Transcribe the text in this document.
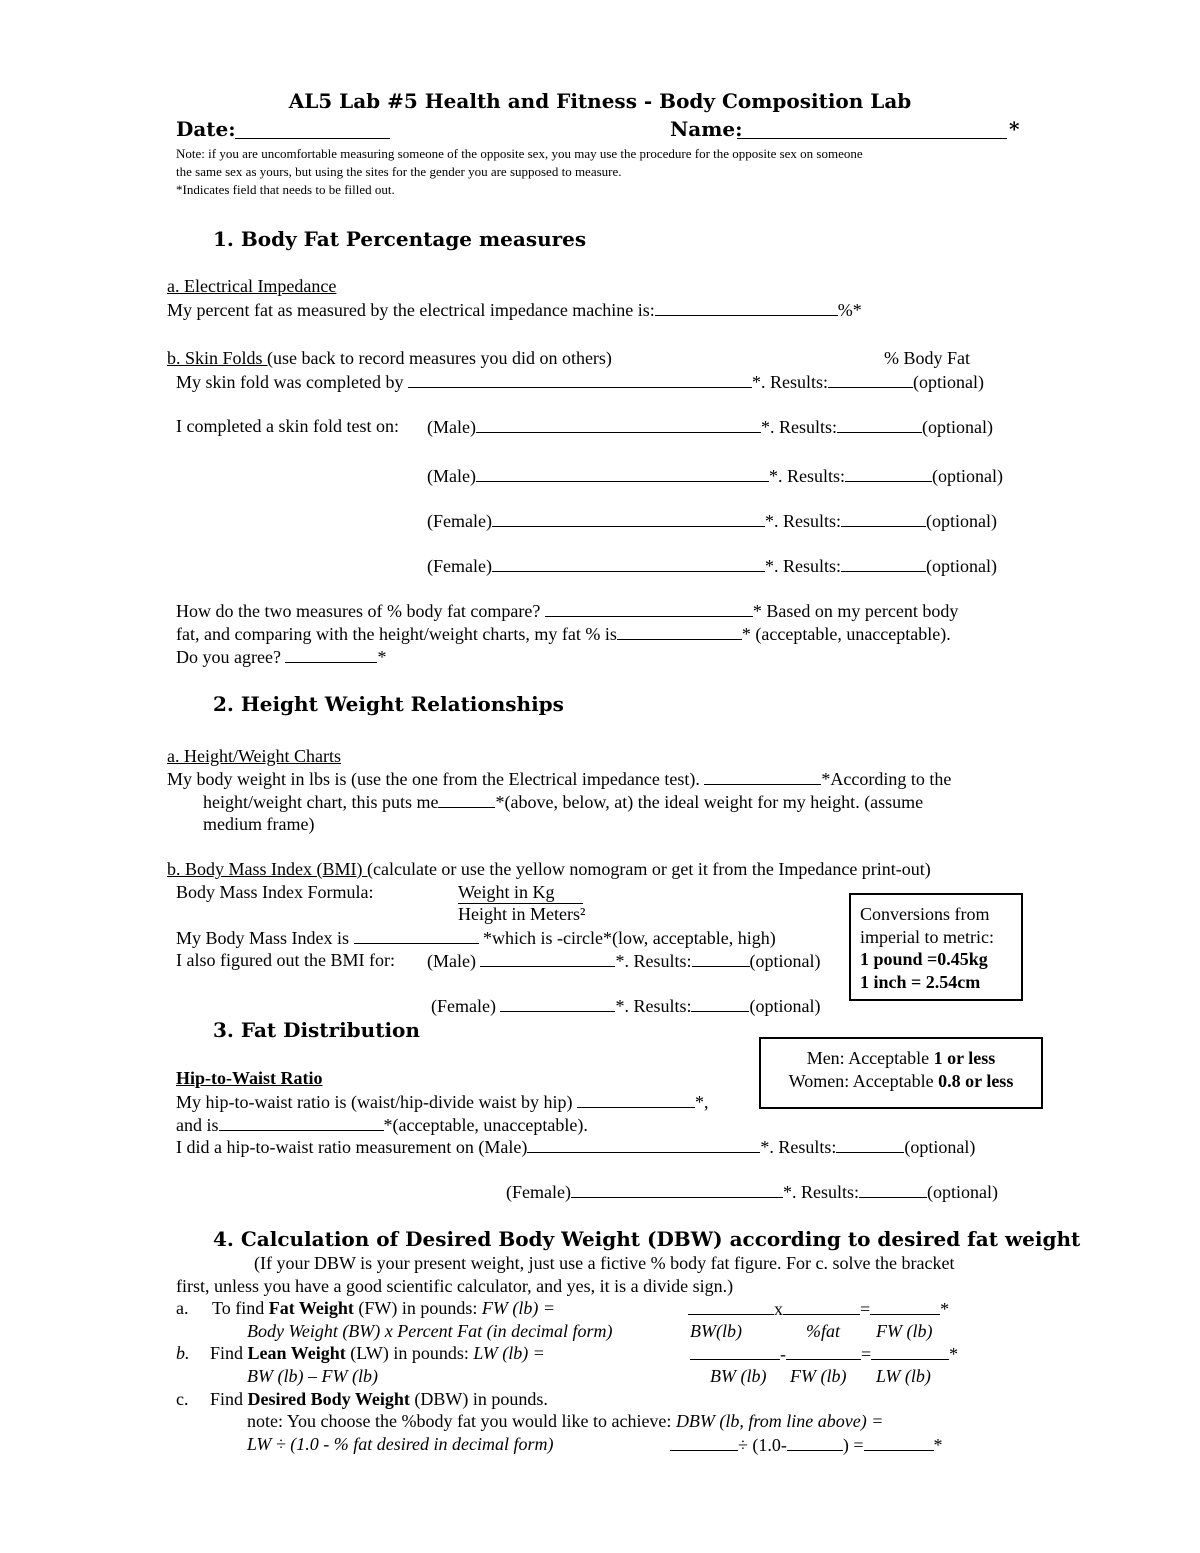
AL5 Lab #5 Health and Fitness - Body Composition Lab
Date:	Name:	*
Note: if you are uncomfortable measuring someone of the opposite sex, you may use the procedure for the opposite sex on someone
the same sex as yours, but using the sites for the gender you are supposed to measure.
*Indicates field that needs to be filled out.
1. Body Fat Percentage measures
a. Electrical Impedance
My percent fat as measured by the electrical impedance machine is:	%*
b. Skin Folds (use back to record measures you did on others)	% Body Fat
My skin fold was completed by	*. Results:	(optional)
I completed a skin fold test on: (Male)	*. Results:	(optional)
(Male)	*. Results:	(optional)
(Female)	*. Results:	(optional)
(Female)	*. Results:	(optional)
How do the two measures of % body fat compare?	* Based on my percent body
fat, and comparing with the height/weight charts, my fat % is	* (acceptable, unacceptable).
Do you agree?	*
2. Height Weight Relationships
a. Height/Weight Charts
My body weight in lbs is (use the one from the Electrical impedance test).	*According to the
height/weight chart, this puts me	*(above, below, at) the ideal weight for my height. (assume
medium frame)
b. Body Mass Index (BMI) (calculate or use the yellow nomogram or get it from the Impedance print-out)
Body Mass Index Formula:	Weight in Kg
Height in Meters²
My Body Mass Index is	*which is -circle*(low, acceptable, high)
I also figured out the BMI for: (Male)	*. Results:	(optional)
(Female)	*. Results:	(optional)
Conversions from
imperial to metric:
1 pound =0.45kg
1 inch = 2.54cm
3. Fat Distribution
Men: Acceptable 1 or less
Women: Acceptable 0.8 or less
Hip-to-Waist Ratio
My hip-to-waist ratio is (waist/hip-divide waist by hip)	*,
and is	*(acceptable, unacceptable).
I did a hip-to-waist ratio measurement on (Male)	*. Results:	(optional)
(Female)	*. Results:	(optional)
4. Calculation of Desired Body Weight (DBW) according to desired fat weight
(If your DBW is your present weight, just use a fictive % body fat figure. For c. solve the bracket
first, unless you have a good scientific calculator, and yes, it is a divide sign.)
a. To find Fat Weight (FW) in pounds: FW (lb) =
Body Weight (BW) x Percent Fat (in decimal form)
x	=	*
BW(lb)	%fat FW (lb)
b. Find Lean Weight (LW) in pounds: LW (lb) =
BW (lb) – FW (lb)
-	=	*
BW (lb) FW (lb) LW (lb)
c. Find Desired Body Weight (DBW) in pounds.
note: You choose the %body fat you would like to achieve: DBW (lb, from line above) =
LW ÷ (1.0 - % fat desired in decimal form)	÷ (1.0-	) =	*
